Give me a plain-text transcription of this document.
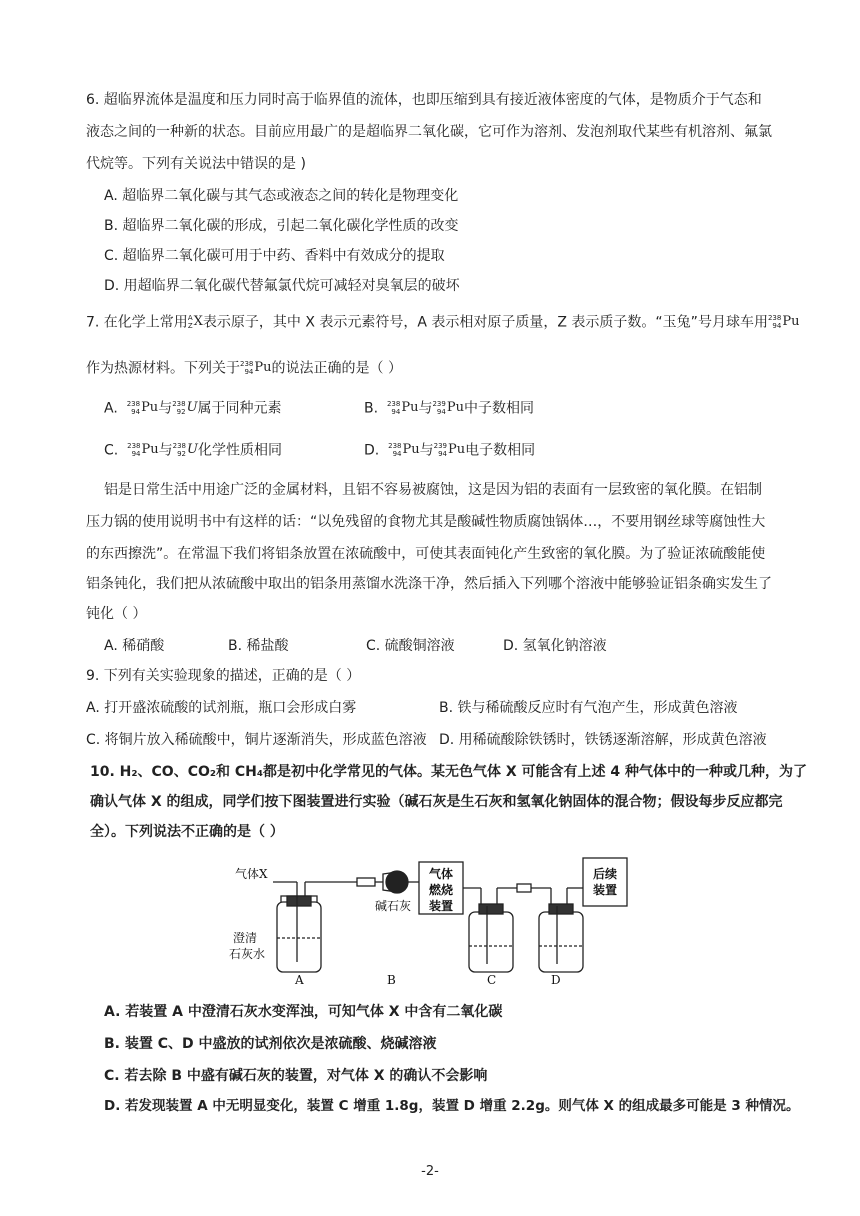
6. 超临界流体是温度和压力同时高于临界值的流体，也即压缩到具有接近液体密度的气体，是物质介于气态和
液态之间的一种新的状态。目前应用最广的是超临界二氧化碳，它可作为溶剂、发泡剂取代某些有机溶剂、氟氯
代烷等。下列有关说法中错误的是 )
A. 超临界二氧化碳与其气态或液态之间的转化是物理变化
B. 超临界二氧化碳的形成，引起二氧化碳化学性质的改变
C. 超临界二氧化碳可用于中药、香料中有效成分的提取
D. 用超临界二氧化碳代替氟氯代烷可减轻对臭氧层的破坏
7. 在化学上常用 A
Z X表示原子，其中 X 表示元素符号，A 表示相对原子质量，Z 表示质子数。“玉兔”号月球车用 238
94 Pu
作为热源材料。下列关于 238
94 Pu的说法正确的是（ ）
A. 238
94 Pu与 238
92 U属于同种元素	B. 238
94 Pu与 239
94 Pu中子数相同
C. 238
94 Pu与 238
92 U化学性质相同	D. 238
94 Pu与 239
94 Pu电子数相同
铝是日常生活中用途广泛的金属材料，且铝不容易被腐蚀，这是因为铝的表面有一层致密的氧化膜。在铝制
压力锅的使用说明书中有这样的话：“以免残留的食物尤其是酸碱性物质腐蚀锅体…，不要用钢丝球等腐蚀性大
的东西擦洗”。在常温下我们将铝条放置在浓硫酸中，可使其表面钝化产生致密的氧化膜。为了验证浓硫酸能使
铝条钝化，我们把从浓硫酸中取出的铝条用蒸馏水洗涤干净，然后插入下列哪个溶液中能够验证铝条确实发生了
钝化（ ）
A. 稀硝酸	B. 稀盐酸	C. 硫酸铜溶液	D. 氢氧化钠溶液
9. 下列有关实验现象的描述，正确的是（ ）
A. 打开盛浓硫酸的试剂瓶，瓶口会形成白雾	B. 铁与稀硫酸反应时有气泡产生，形成黄色溶液
C. 将铜片放入稀硫酸中，铜片逐渐消失，形成蓝色溶液 D. 用稀硫酸除铁锈时，铁锈逐渐溶解，形成黄色溶液
10. H₂、CO、CO₂和 CH₄都是初中化学常见的气体。某无色气体 X 可能含有上述 4 种气体中的一种或几种，为了
确认气体 X 的组成，同学们按下图装置进行实验（碱石灰是生石灰和氢氧化钠固体的混合物；假设每步反应都完
全）。下列说法不正确的是（ ）
气体X
澄清
石灰水
碱石灰
气体
燃烧
装置
后续
装置
A	B	C	D
A. 若装置 A 中澄清石灰水变浑浊，可知气体 X 中含有二氧化碳
B. 装置 C、D 中盛放的试剂依次是浓硫酸、烧碱溶液
C. 若去除 B 中盛有碱石灰的装置，对气体 X 的确认不会影响
D. 若发现装置 A 中无明显变化，装置 C 增重 1.8g，装置 D 增重 2.2g。则气体 X 的组成最多可能是 3 种情况。
-2-
